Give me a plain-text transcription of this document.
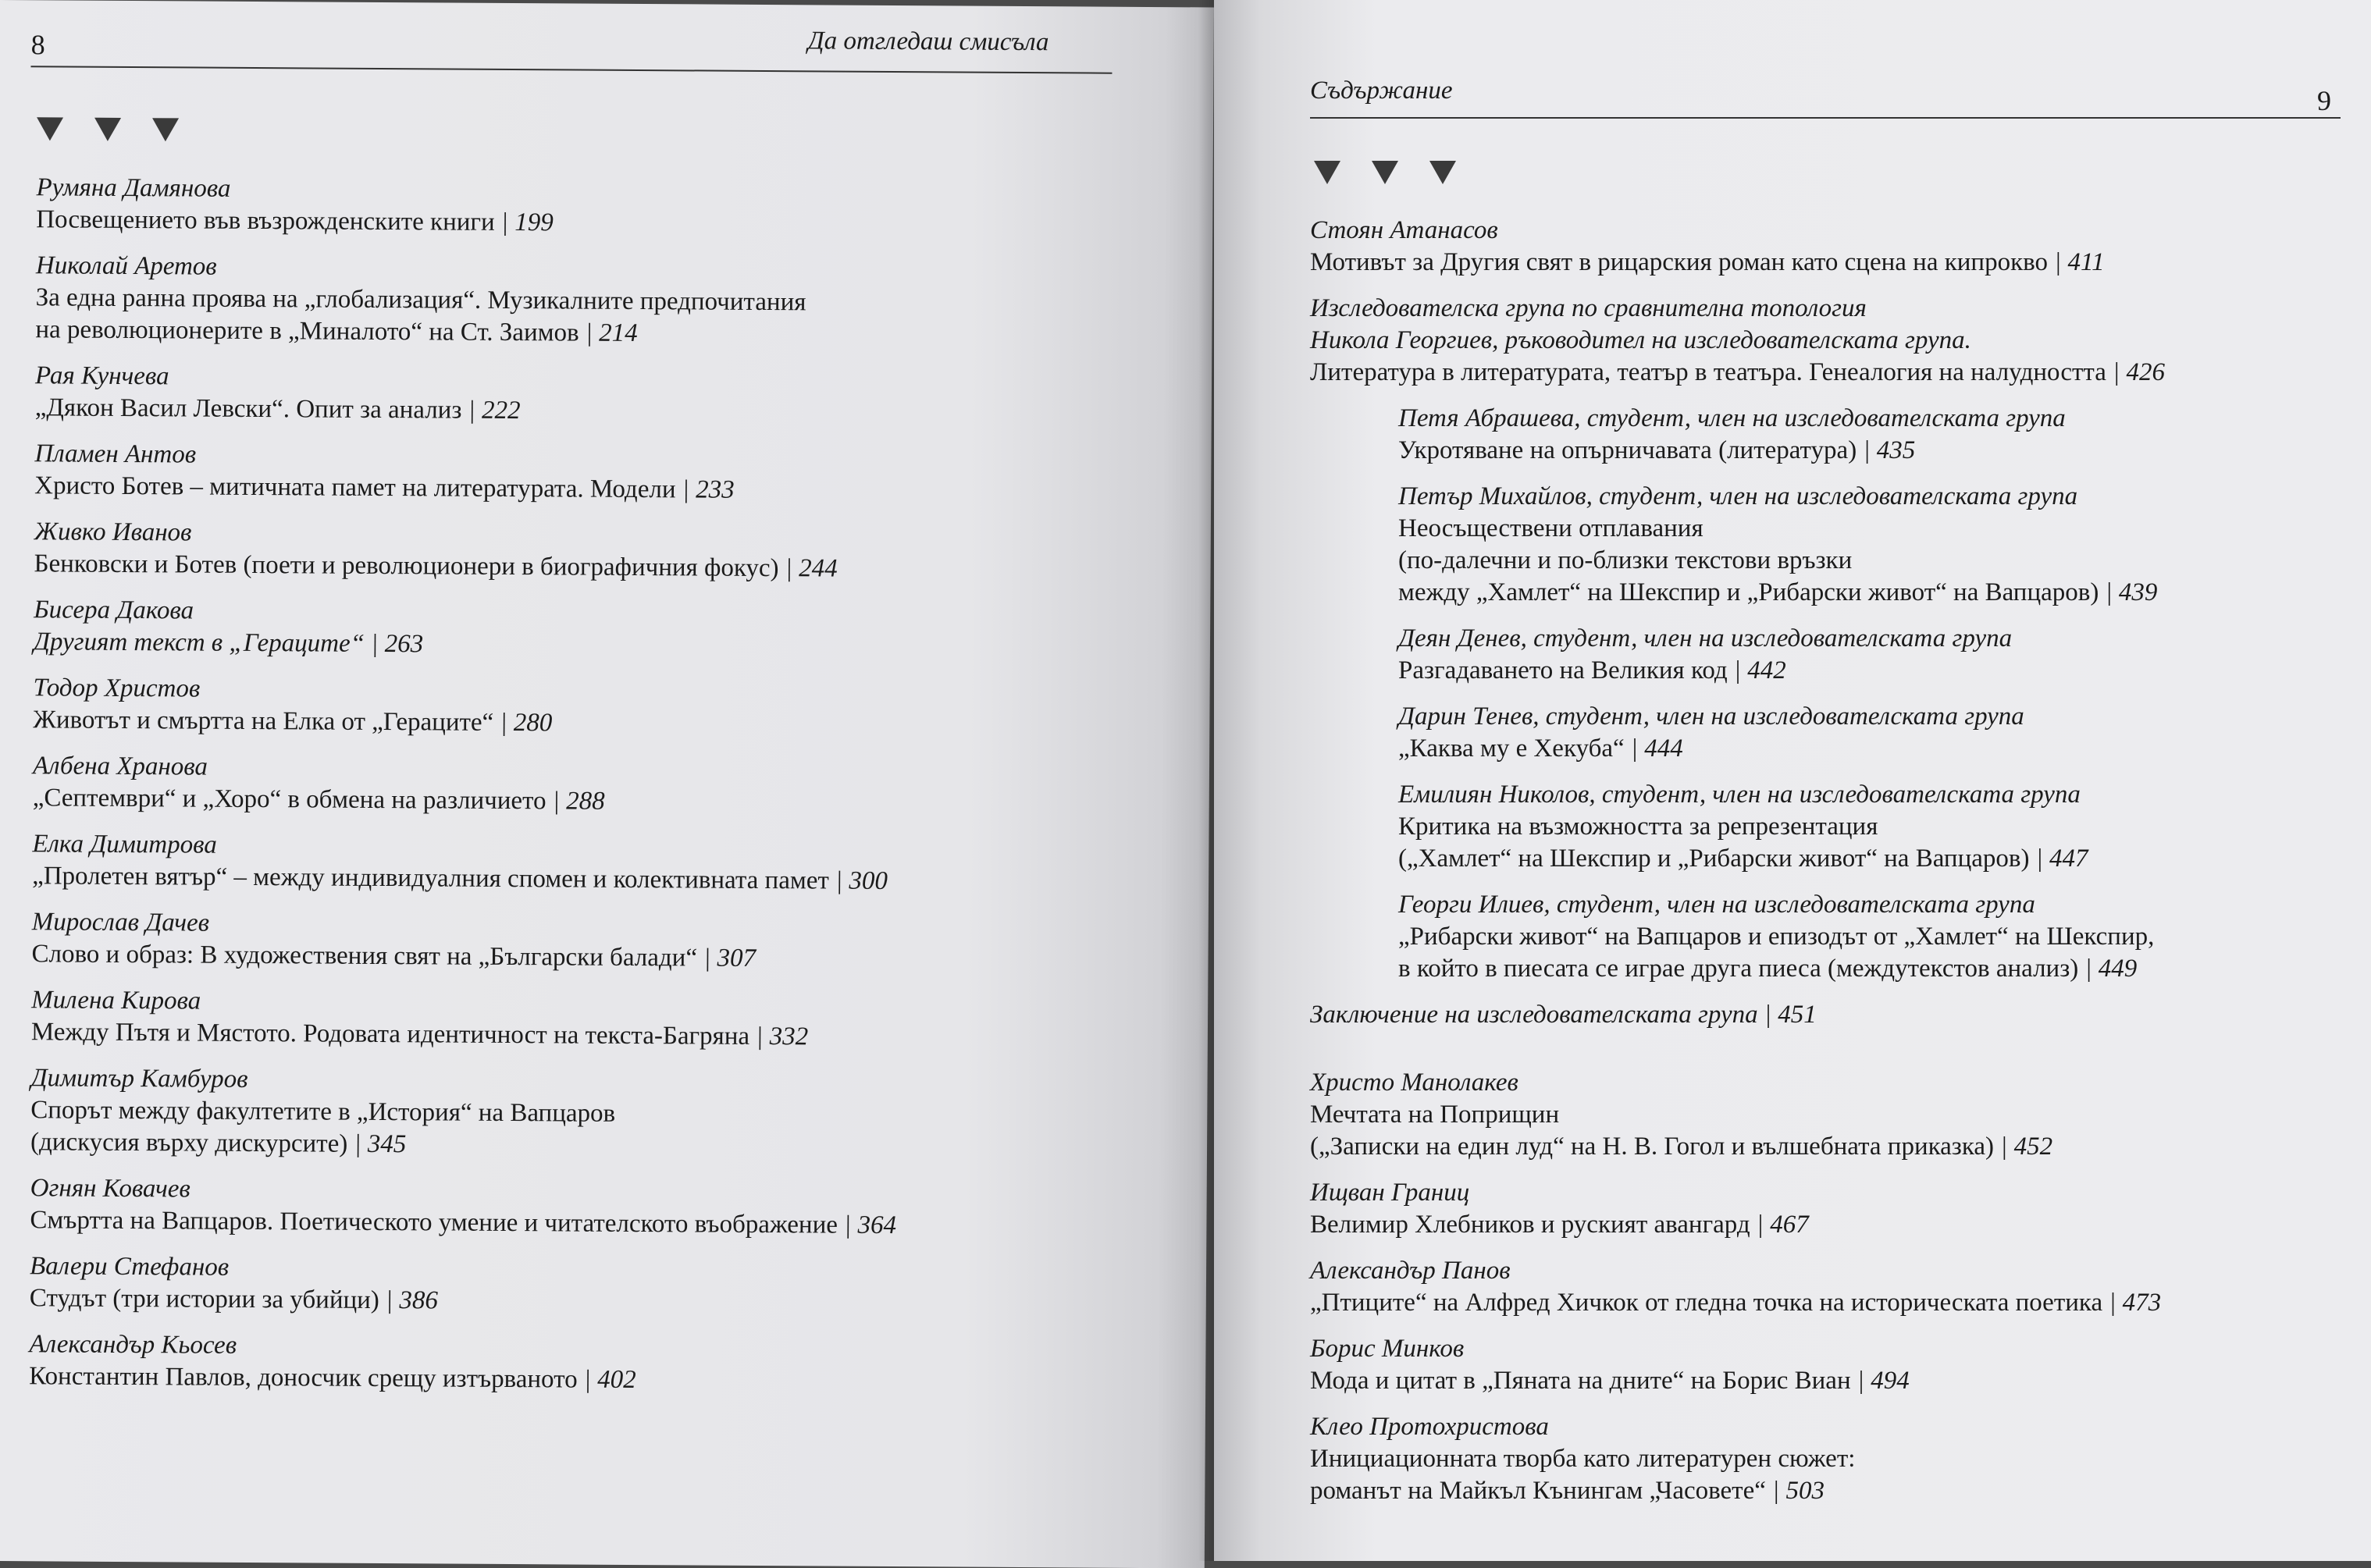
8	Да отгледаш смисъла
Румяна Дамянова
Посвещението във възрожденските книги | 199
Николай Аретов
За една ранна проява на „глобализация“. Музикалните предпочитания
на революционерите в „Миналото“ на Ст. Заимов | 214
Рая Кунчева
„Дякон Васил Левски“. Опит за анализ | 222
Пламен Антов
Христо Ботев – митичната памет на литературата. Модели | 233
Живко Иванов
Бенковски и Ботев (поети и революционери в биографичния фокус) | 244
Бисера Дакова
Другият текст в „Гераците“ | 263
Тодор Христов
Животът и смъртта на Елка от „Гераците“ | 280
Албена Хранова
„Септември“ и „Хоро“ в обмена на различието | 288
Елка Димитрова
„Пролетен вятър“ – между индивидуалния спомен и колективната памет | 300
Мирослав Дачев
Слово и образ: В художествения свят на „Български балади“ | 307
Милена Кирова
Между Пътя и Мястото. Родовата идентичност на текста-Багряна | 332
Димитър Камбуров
Спорът между факултетите в „История“ на Вапцаров
(дискусия върху дискурсите) | 345
Огнян Ковачев
Смъртта на Вапцаров. Поетическото умение и читателското въображение | 364
Валери Стефанов
Студът (три истории за убийци) | 386
Александър Кьосев
Константин Павлов, доносчик срещу изтърваното | 402
Съдържание	9
Стоян Атанасов
Мотивът за Другия свят в рицарския роман като сцена на кипрокво | 411
Изследователска група по сравнителна топология
Никола Георгиев, ръководител на изследователската група.
Литература в литературата, театър в театъра. Генеалогия на налудността | 426
Петя Абрашева, студент, член на изследователската група
Укротяване на опърничавата (литература) | 435
Петър Михайлов, студент, член на изследователската група
Неосъществени отплавания
(по-далечни и по-близки текстови връзки
между „Хамлет“ на Шекспир и „Рибарски живот“ на Вапцаров) | 439
Деян Денев, студент, член на изследователската група
Разгадаването на Великия код | 442
Дарин Тенев, студент, член на изследователската група
„Каква му е Хекуба“ | 444
Емилиян Николов, студент, член на изследователската група
Критика на възможността за репрезентация
(„Хамлет“ на Шекспир и „Рибарски живот“ на Вапцаров) | 447
Георги Илиев, студент, член на изследователската група
„Рибарски живот“ на Вапцаров и епизодът от „Хамлет“ на Шекспир,
в който в пиесата се играе друга пиеса (междутекстов анализ) | 449
Заключение на изследователската група | 451
Христо Манолакев
Мечтата на Поприщин
(„Записки на един луд“ на Н. В. Гогол и вълшебната приказка) | 452
Ищван Границ
Велимир Хлебников и руският авангард | 467
Александър Панов
„Птиците“ на Алфред Хичкок от гледна точка на историческата поетика | 473
Борис Минков
Мода и цитат в „Пяната на дните“ на Борис Виан | 494
Клео Протохристова
Инициационната творба като литературен сюжет:
романът на Майкъл Кънингам „Часовете“ | 503
